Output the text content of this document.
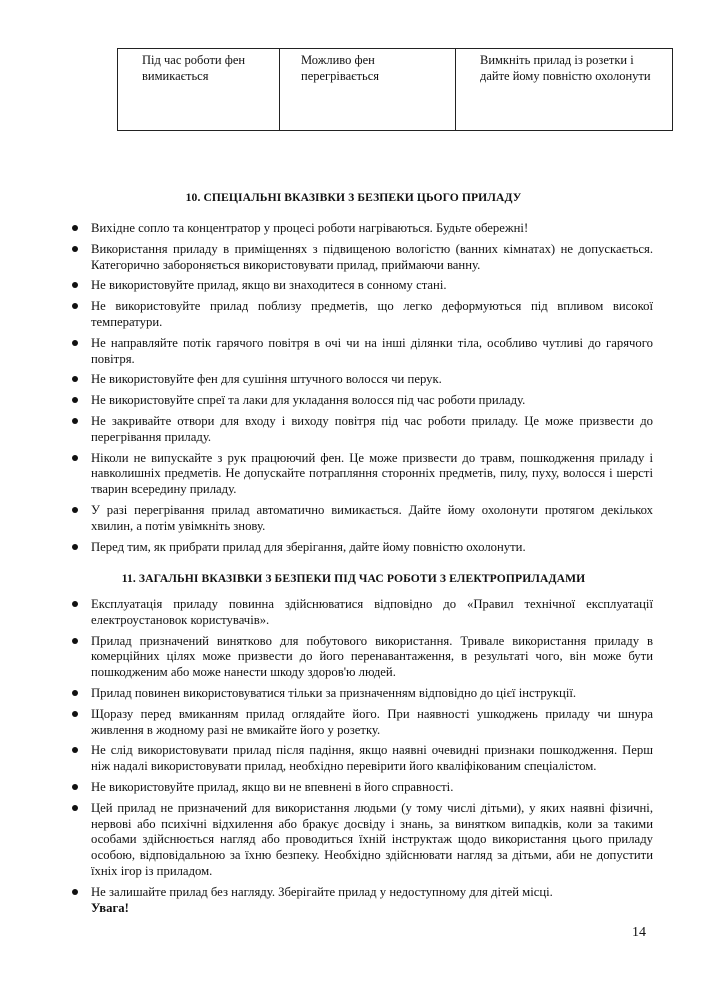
Під час роботи фен вимикається
Можливо фен перегрівається
Вимкніть прилад із розетки і дайте йому повністю охолонути
10. СПЕЦІАЛЬНІ ВКАЗІВКИ З БЕЗПЕКИ ЦЬОГО ПРИЛАДУ
Вихідне сопло та концентратор у процесі роботи нагріваються. Будьте обережні!
Використання приладу в приміщеннях з підвищеною вологістю (ванних кімнатах) не допускається. Категорично забороняється використовувати прилад, приймаючи ванну.
Не використовуйте прилад, якщо ви знаходитеся в сонному стані.
Не використовуйте прилад поблизу предметів, що легко деформуються під впливом високої температури.
Не направляйте потік гарячого повітря в очі чи на інші ділянки тіла, особливо чутливі до гарячого повітря.
Не використовуйте фен для сушіння штучного волосся чи перук.
Не використовуйте спреї та лаки для укладання волосся під час роботи приладу.
Не закривайте отвори для входу і виходу повітря під час роботи приладу. Це може призвести до перегрівання приладу.
Ніколи не випускайте з рук працюючий фен. Це може призвести до травм, пошкодження приладу і навколишніх предметів. Не допускайте потрапляння сторонніх предметів, пилу, пуху, волосся і шерсті тварин всередину приладу.
У разі перегрівання прилад автоматично вимикається. Дайте йому охолонути протягом декількох хвилин, а потім увімкніть знову.
Перед тим, як прибрати прилад для зберігання, дайте йому повністю охолонути.
11. ЗАГАЛЬНІ ВКАЗІВКИ З БЕЗПЕКИ ПІД ЧАС РОБОТИ З ЕЛЕКТРОПРИЛАДАМИ
Експлуатація приладу повинна здійснюватися відповідно до «Правил технічної експлуатації електроустановок користувачів».
Прилад призначений винятково для побутового використання. Тривале використання приладу в комерційних цілях може призвести до його перенавантаження, в результаті чого, він може бути пошкодженим або може нанести шкоду здоров'ю людей.
Прилад повинен використовуватися тільки за призначенням відповідно до цієї інструкції.
Щоразу перед вмиканням прилад оглядайте його. При наявності ушкоджень приладу чи шнура живлення в жодному разі не вмикайте його у розетку.
Не слід використовувати прилад після падіння, якщо наявні очевидні признаки пошкодження. Перш ніж надалі використовувати прилад, необхідно перевірити його кваліфікованим спеціалістом.
Не використовуйте прилад, якщо ви не впевнені в його справності.
Цей прилад не призначений для використання людьми (у тому числі дітьми), у яких наявні фізичні, нервові або психічні відхилення або бракує досвіду і знань, за винятком випадків, коли за такими особами здійснюється нагляд або проводиться їхній інструктаж щодо використання цього приладу особою, відповідальною за їхню безпеку. Необхідно здійснювати нагляд за дітьми, аби не допустити їхніх ігор із приладом.
Не залишайте прилад без нагляду. Зберігайте прилад у недоступному для дітей місці.
Увага!
14
